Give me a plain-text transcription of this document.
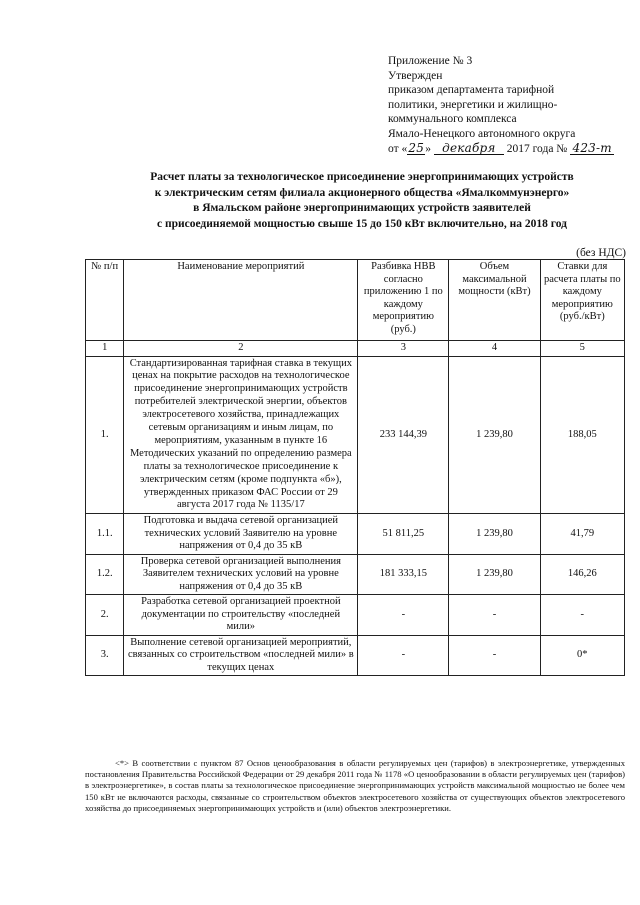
Приложение № 3
Утвержден
приказом департамента тарифной
политики, энергетики и жилищно-
коммунального комплекса
Ямало-Ненецкого автономного округа
от «25» декабря 2017 года № 423-т
Расчет платы за технологическое присоединение энергопринимающих устройств
к электрическим сетям филиала акционерного общества «Ямалкоммунэнерго»
в Ямальском районе энергопринимающих устройств заявителей
с присоединяемой мощностью свыше 15 до 150 кВт включительно, на 2018 год
(без НДС)
№ п/п	Наименование мероприятий	Разбивка НВВ согласно приложению 1 по каждому мероприятию (руб.)	Объем максимальной мощности (кВт)	Ставки для расчета платы по каждому мероприятию (руб./кВт)
1	2	3	4	5
1.	Стандартизированная тарифная ставка в текущих ценах на покрытие расходов на технологическое присоединение энергопринимающих устройств потребителей электрической энергии, объектов электросетевого хозяйства, принадлежащих сетевым организациям и иным лицам, по мероприятиям, указанным в пункте 16 Методических указаний по определению размера платы за технологическое присоединение к электрическим сетям (кроме подпункта «б»), утвержденных приказом ФАС России от 29 августа 2017 года № 1135/17	233 144,39	1 239,80	188,05
1.1.	Подготовка и выдача сетевой организацией технических условий Заявителю на уровне напряжения от 0,4 до 35 кВ	51 811,25	1 239,80	41,79
1.2.	Проверка сетевой организацией выполнения Заявителем технических условий на уровне напряжения от 0,4 до 35 кВ	181 333,15	1 239,80	146,26
2.	Разработка сетевой организацией проектной документации по строительству «последней мили»	-	-	-
3.	Выполнение сетевой организацией мероприятий, связанных со строительством «последней мили» в текущих ценах	-	-	0*
<*> В соответствии с пунктом 87 Основ ценообразования в области регулируемых цен (тарифов) в электроэнергетике, утвержденных постановления Правительства Российской Федерации от 29 декабря 2011 года № 1178 «О ценообразовании в области регулируемых цен (тарифов) в электроэнергетике», в состав платы за технологическое присоединение энергопринимающих устройств максимальной мощностью не более чем 150 кВт не включаются расходы, связанные со строительством объектов электросетевого хозяйства от существующих объектов электросетевого хозяйства до присоединяемых энергопринимающих устройств и (или) объектов электроэнергетики.
